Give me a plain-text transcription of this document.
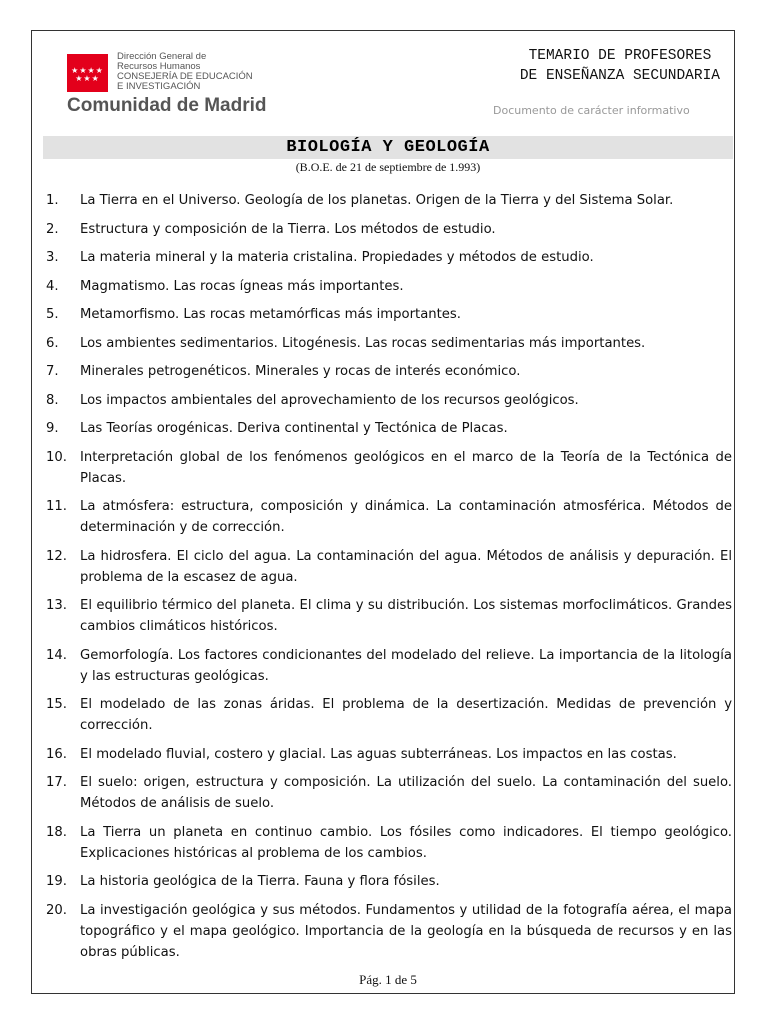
★★★★ ★★★
Dirección General de
Recursos Humanos
CONSEJERÍA DE EDUCACIÓN
E INVESTIGACIÓN
Comunidad de Madrid
TEMARIO DE PROFESORES
DE ENSEÑANZA SECUNDARIA
Documento de carácter informativo
BIOLOGÍA Y GEOLOGÍA
(B.O.E. de 21 de septiembre de 1.993)
1.	La Tierra en el Universo. Geología de los planetas. Origen de la Tierra y del Sistema Solar.
2.	Estructura y composición de la Tierra. Los métodos de estudio.
3.	La materia mineral y la materia cristalina. Propiedades y métodos de estudio.
4.	Magmatismo. Las rocas ígneas más importantes.
5.	Metamorfismo. Las rocas metamórficas más importantes.
6.	Los ambientes sedimentarios. Litogénesis. Las rocas sedimentarias más importantes.
7.	Minerales petrogenéticos. Minerales y rocas de interés económico.
8.	Los impactos ambientales del aprovechamiento de los recursos geológicos.
9.	Las Teorías orogénicas. Deriva continental y Tectónica de Placas.
10. Interpretación global de los fenómenos geológicos en el marco de la Teoría de la Tectónica de Placas.
11. La atmósfera: estructura, composición y dinámica. La contaminación atmosférica. Métodos de determinación y de corrección.
12. La hidrosfera. El ciclo del agua. La contaminación del agua. Métodos de análisis y depuración. El problema de la escasez de agua.
13. El equilibrio térmico del planeta. El clima y su distribución. Los sistemas morfoclimáticos. Grandes cambios climáticos históricos.
14. Gemorfología. Los factores condicionantes del modelado del relieve. La importancia de la litología y las estructuras geológicas.
15. El modelado de las zonas áridas. El problema de la desertización. Medidas de prevención y corrección.
16. El modelado fluvial, costero y glacial. Las aguas subterráneas. Los impactos en las costas.
17. El suelo: origen, estructura y composición. La utilización del suelo. La contaminación del suelo. Métodos de análisis de suelo.
18. La Tierra un planeta en continuo cambio. Los fósiles como indicadores. El tiempo geológico. Explicaciones históricas al problema de los cambios.
19. La historia geológica de la Tierra. Fauna y flora fósiles.
20. La investigación geológica y sus métodos. Fundamentos y utilidad de la fotografía aérea, el mapa topográfico y el mapa geológico. Importancia de la geología en la búsqueda de recursos y en las obras públicas.
Pág. 1 de 5
